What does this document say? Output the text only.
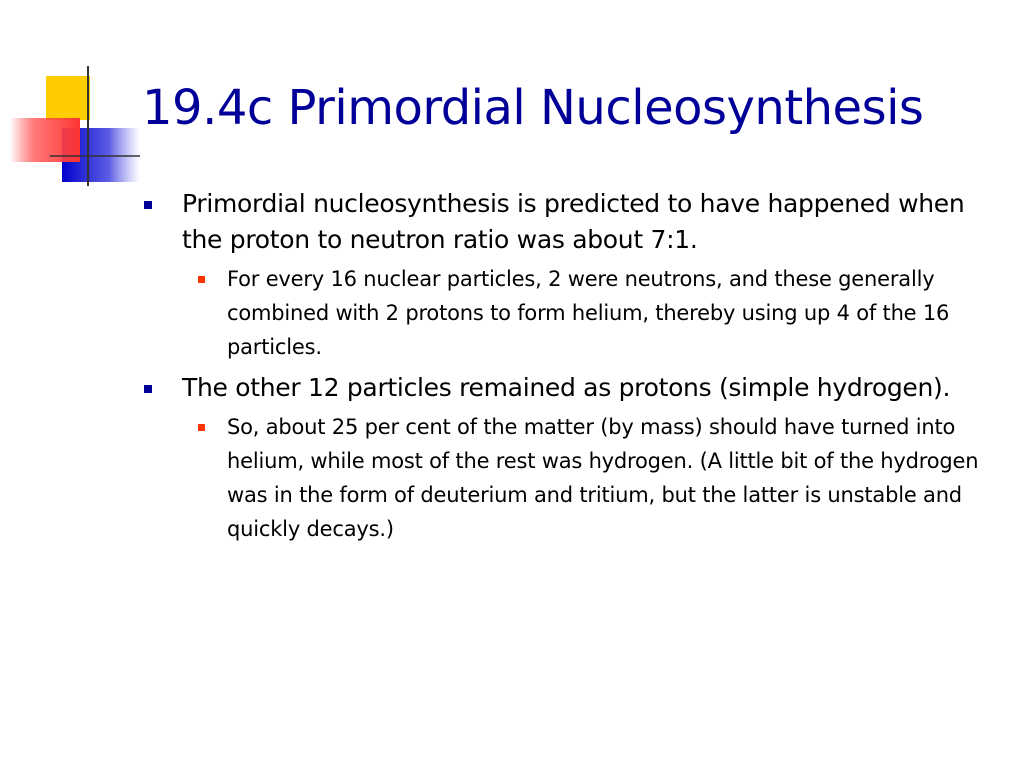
19.4c Primordial Nucleosynthesis
Primordial nucleosynthesis is predicted to have happened when the proton to neutron ratio was about 7:1.
For every 16 nuclear particles, 2 were neutrons, and these generally combined with 2 protons to form helium, thereby using up 4 of the 16 particles.
The other 12 particles remained as protons (simple hydrogen).
So, about 25 per cent of the matter (by mass) should have turned into helium, while most of the rest was hydrogen. (A little bit of the hydrogen was in the form of deuterium and tritium, but the latter is unstable and quickly decays.)
